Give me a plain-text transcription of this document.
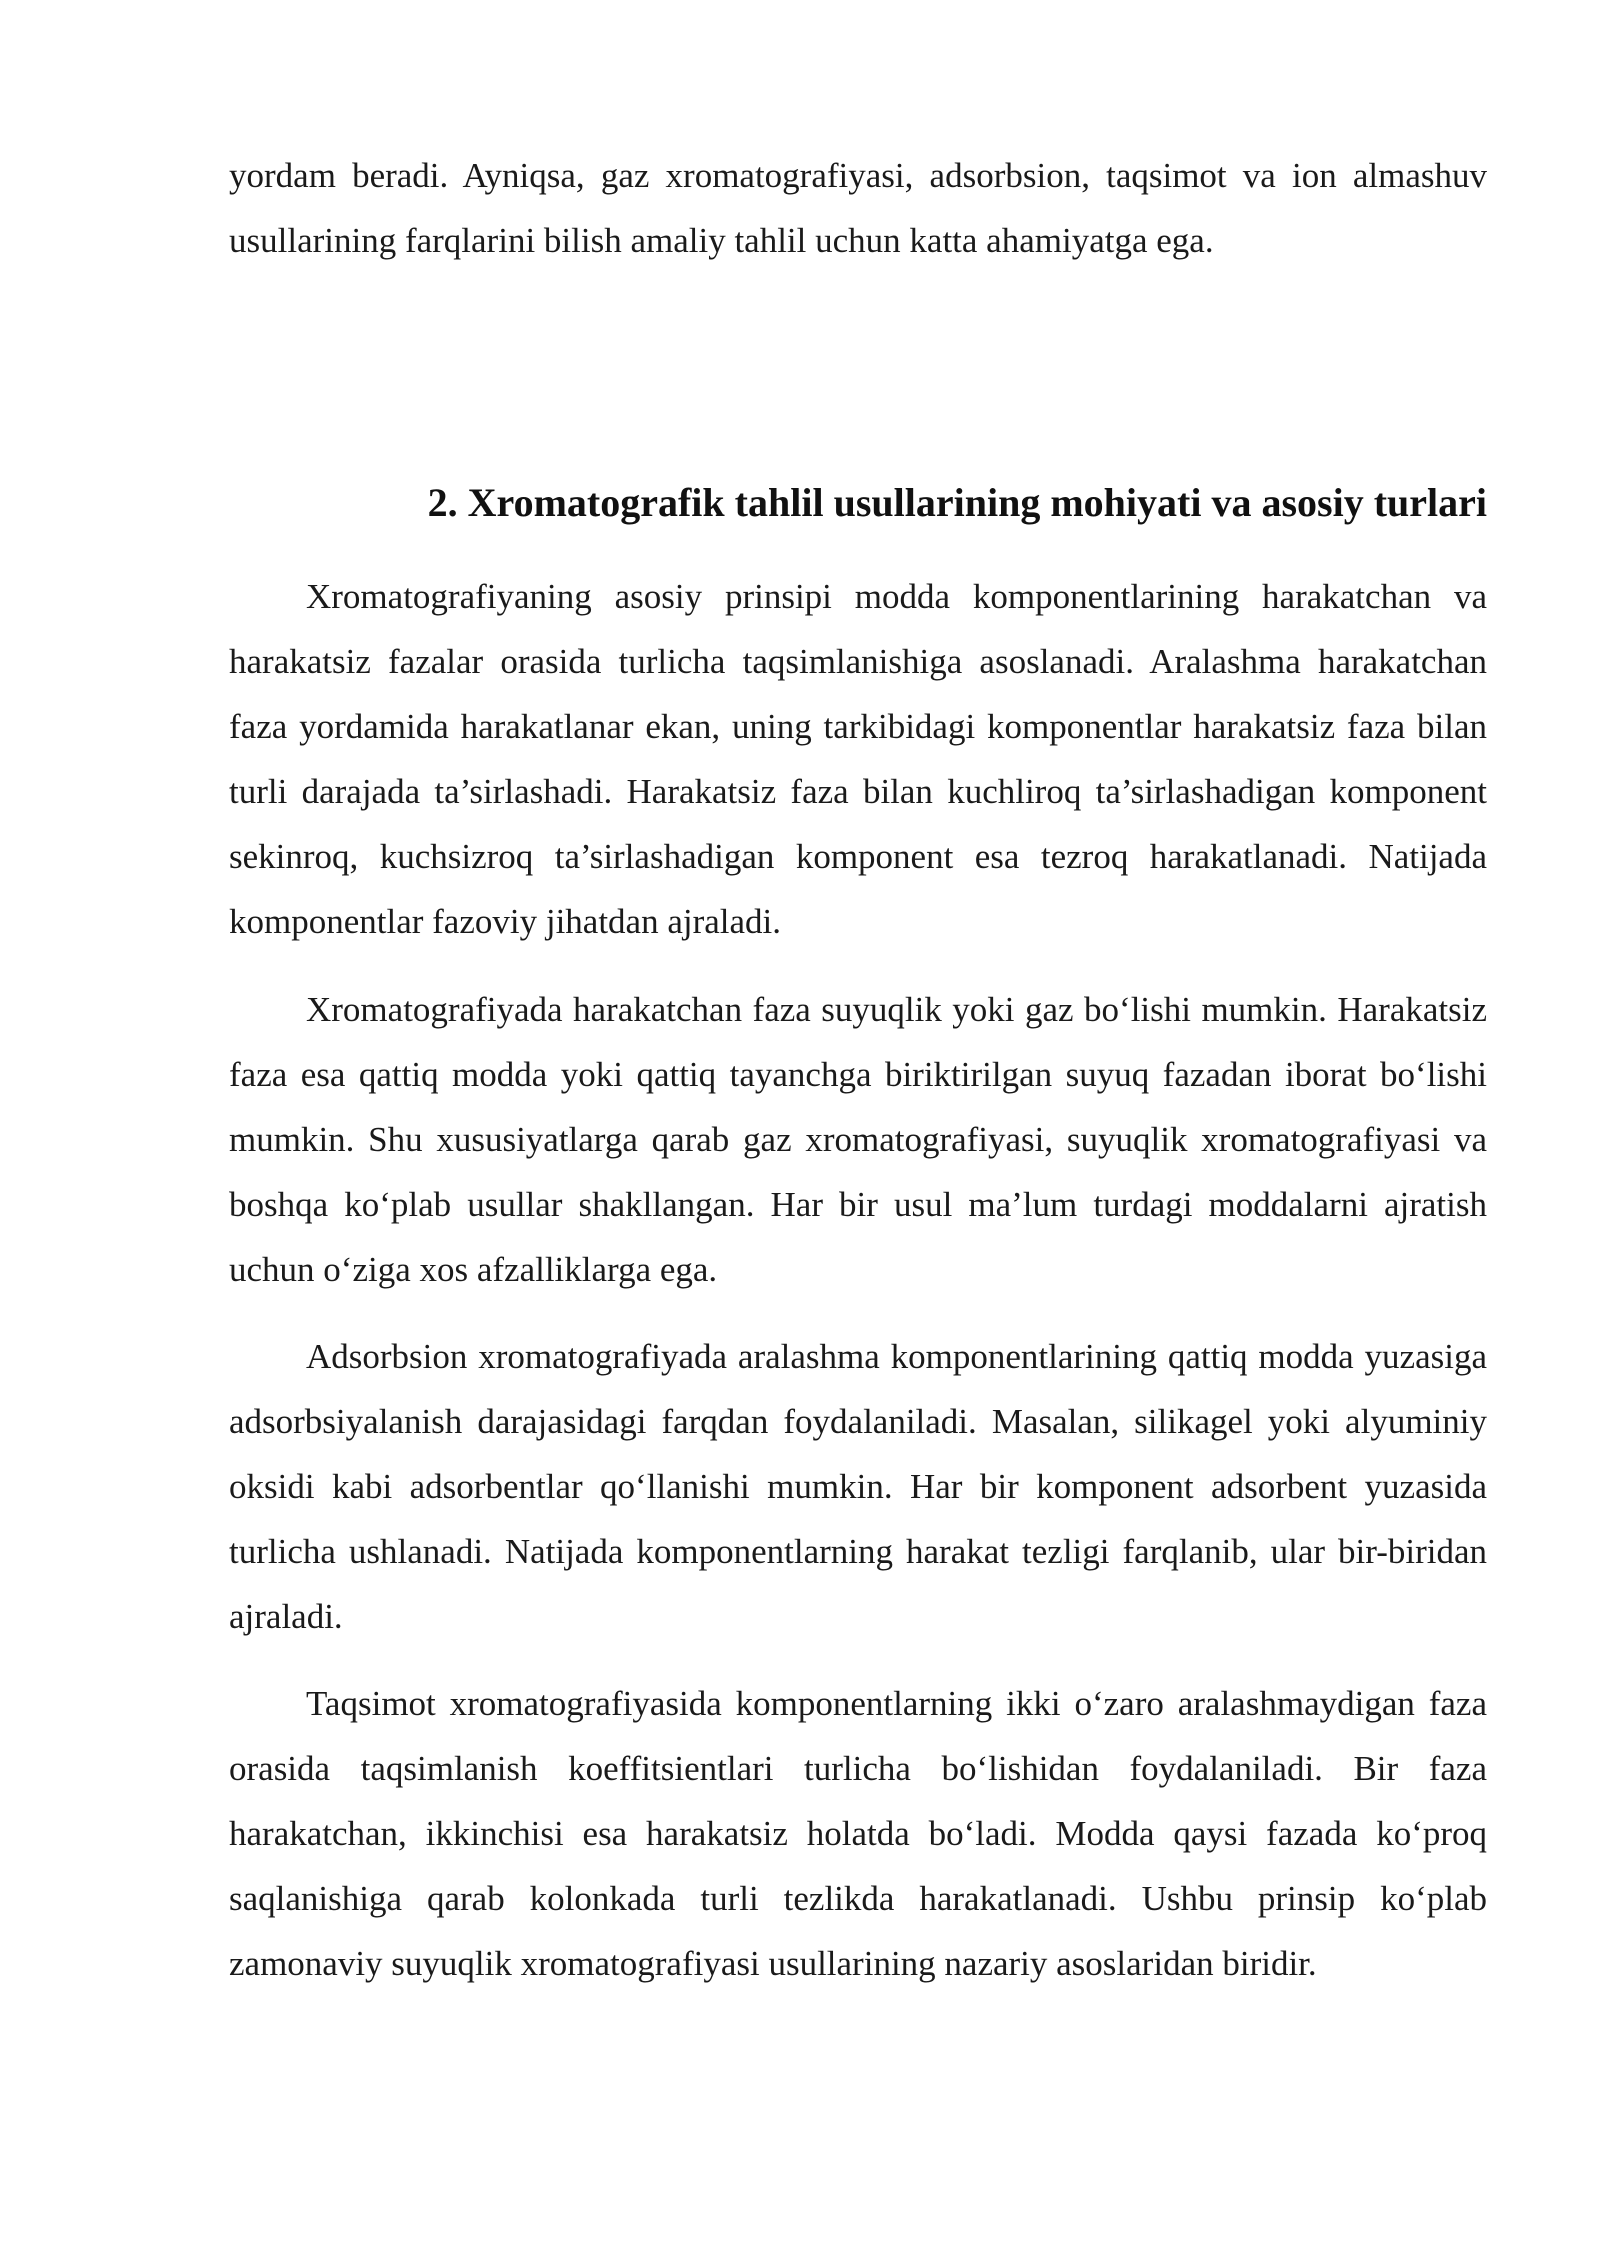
yordam beradi. Ayniqsa, gaz xromatografiyasi, adsorbsion, taqsimot va ion almashuv usullarining farqlarini bilish amaliy tahlil uchun katta ahamiyatga ega.

2. Xromatografik tahlil usullarining mohiyati va asosiy turlari

Xromatografiyaning asosiy prinsipi modda komponentlarining harakatchan va harakatsiz fazalar orasida turlicha taqsimlanishiga asoslanadi. Aralashma harakatchan faza yordamida harakatlanar ekan, uning tarkibidagi komponentlar harakatsiz faza bilan turli darajada ta’sirlashadi. Harakatsiz faza bilan kuchliroq ta’sirlashadigan komponent sekinroq, kuchsizroq ta’sirlashadigan komponent esa tezroq harakatlanadi. Natijada komponentlar fazoviy jihatdan ajraladi.

Xromatografiyada harakatchan faza suyuqlik yoki gaz bo‘lishi mumkin. Harakatsiz faza esa qattiq modda yoki qattiq tayanchga biriktirilgan suyuq fazadan iborat bo‘lishi mumkin. Shu xususiyatlarga qarab gaz xromatografiyasi, suyuqlik xromatografiyasi va boshqa ko‘plab usullar shakllangan. Har bir usul ma’lum turdagi moddalarni ajratish uchun o‘ziga xos afzalliklarga ega.

Adsorbsion xromatografiyada aralashma komponentlarining qattiq modda yuzasiga adsorbsiyalanish darajasidagi farqdan foydalaniladi. Masalan, silikagel yoki alyuminiy oksidi kabi adsorbentlar qo‘llanishi mumkin. Har bir komponent adsorbent yuzasida turlicha ushlanadi. Natijada komponentlarning harakat tezligi farqlanib, ular bir-biridan ajraladi.

Taqsimot xromatografiyasida komponentlarning ikki o‘zaro aralashmaydigan faza orasida taqsimlanish koeffitsientlari turlicha bo‘lishidan foydalaniladi. Bir faza harakatchan, ikkinchisi esa harakatsiz holatda bo‘ladi. Modda qaysi fazada ko‘proq saqlanishiga qarab kolonkada turli tezlikda harakatlanadi. Ushbu prinsip ko‘plab zamonaviy suyuqlik xromatografiyasi usullarining nazariy asoslaridan biridir.
